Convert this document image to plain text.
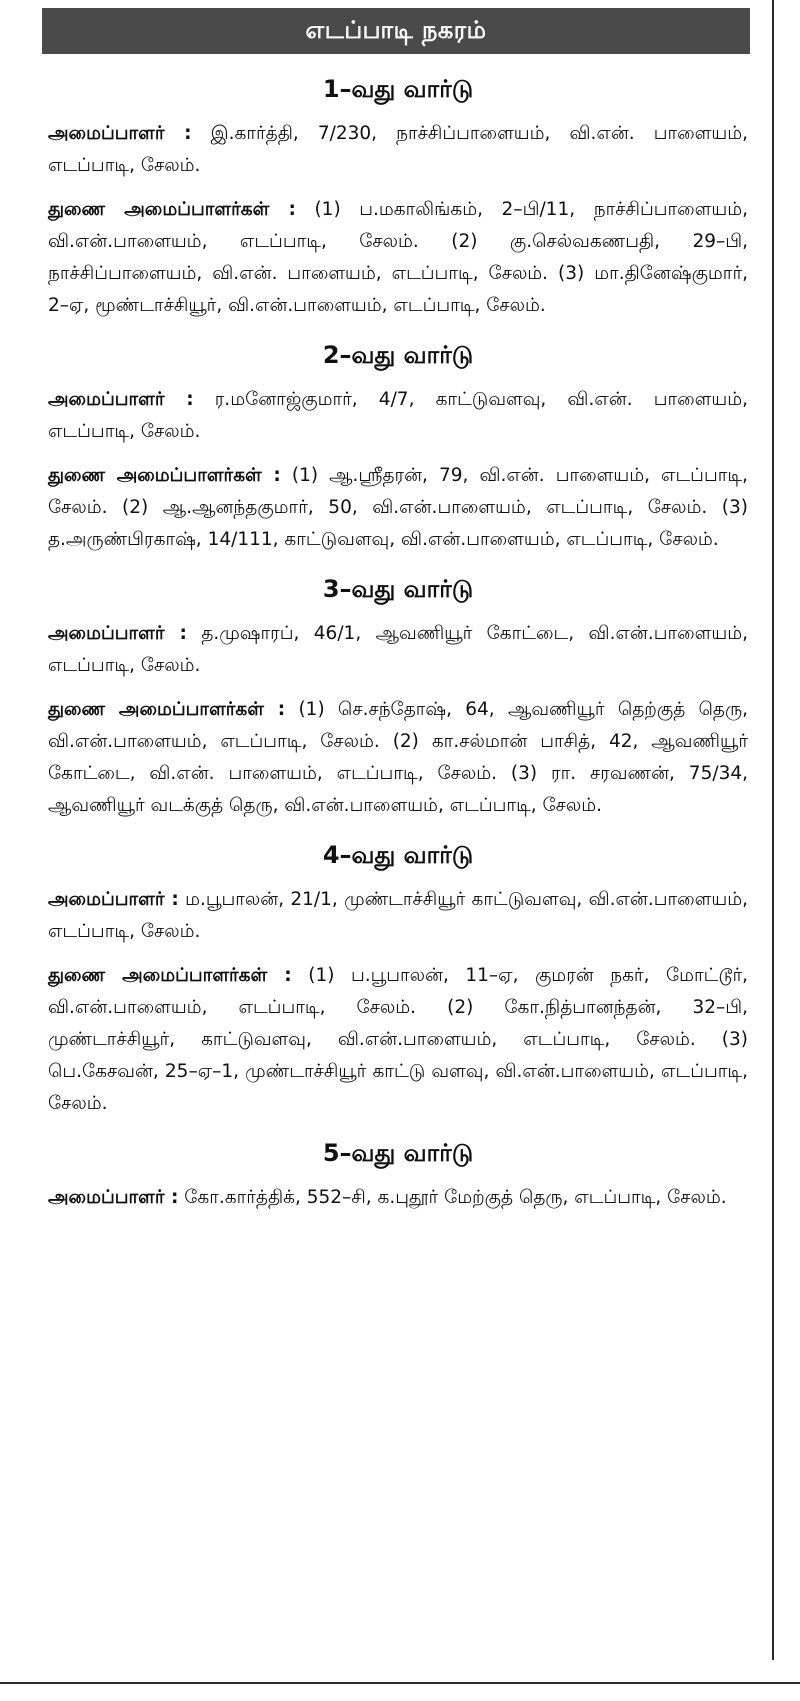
எடப்பாடி நகரம்
1–வது வார்டு

அமைப்பாளர் : இ.கார்த்தி, 7/230, நாச்சிப்பாளையம், வி.என். பாளையம், எடப்பாடி, சேலம்.

துணை அமைப்பாளர்கள் : (1) ப.மகாலிங்கம், 2–பி/11, நாச்சிப்பாளையம், வி.என்.பாளையம், எடப்பாடி, சேலம். (2) கு.செல்வகணபதி, 29–பி, நாச்சிப்பாளையம், வி.என். பாளையம், எடப்பாடி, சேலம். (3) மா.தினேஷ்குமார், 2–ஏ, மூண்டாச்சியூர், வி.என்.பாளையம், எடப்பாடி, சேலம்.

2–வது வார்டு

அமைப்பாளர் : ர.மனோஜ்குமார், 4/7, காட்டுவளவு, வி.என். பாளையம், எடப்பாடி, சேலம்.

துணை அமைப்பாளர்கள் : (1) ஆ.ஸ்ரீதரன், 79, வி.என். பாளையம், எடப்பாடி, சேலம். (2) ஆ.ஆனந்தகுமார், 50, வி.என்.பாளையம், எடப்பாடி, சேலம். (3) த.அருண்பிரகாஷ், 14/111, காட்டுவளவு, வி.என்.பாளையம், எடப்பாடி, சேலம்.

3–வது வார்டு

அமைப்பாளர் : த.முஷாரப், 46/1, ஆவணியூர் கோட்டை, வி.என்.பாளையம், எடப்பாடி, சேலம்.

துணை அமைப்பாளர்கள் : (1) செ.சந்தோஷ், 64, ஆவணியூர் தெற்குத் தெரு, வி.என்.பாளையம், எடப்பாடி, சேலம். (2) கா.சல்மான் பாசித், 42, ஆவணியூர் கோட்டை, வி.என். பாளையம், எடப்பாடி, சேலம். (3) ரா. சரவணன், 75/34, ஆவணியூர் வடக்குத் தெரு, வி.என்.பாளையம், எடப்பாடி, சேலம்.

4–வது வார்டு

அமைப்பாளர் : ம.பூபாலன், 21/1, முண்டாச்சியூர் காட்டுவளவு, வி.என்.பாளையம், எடப்பாடி, சேலம்.

துணை அமைப்பாளர்கள் : (1) ப.பூபாலன், 11–ஏ, குமரன் நகர், மோட்டூர், வி.என்.பாளையம், எடப்பாடி, சேலம். (2) கோ.நித்பானந்தன், 32–பி, முண்டாச்சியூர், காட்டுவளவு, வி.என்.பாளையம், எடப்பாடி, சேலம். (3) பெ.கேசவன், 25–ஏ–1, முண்டாச்சியூர் காட்டு வளவு, வி.என்.பாளையம், எடப்பாடி, சேலம்.

5–வது வார்டு

அமைப்பாளர் : கோ.கார்த்திக், 552–சி, க.புதூர் மேற்குத் தெரு, எடப்பாடி, சேலம்.
